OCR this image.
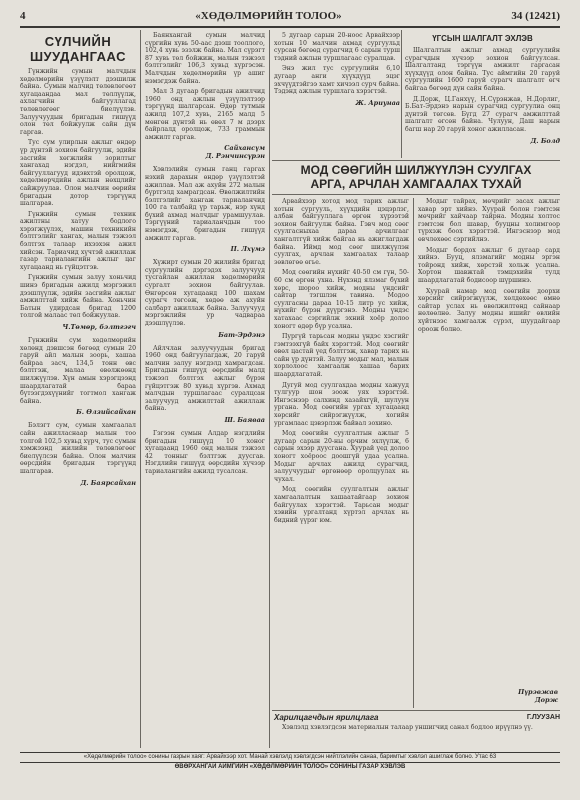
4	«ХӨДӨЛМӨРИЙН ТОЛОО»	34 (12421)
СҮЛЧИЙН ШУУДАНГААС

Гүнжийн сумын малчдын хөдөлмөрийн үзүүлэлт дээшилж байна. Сумын малчид төлөвлөгөөт хугацаандаа мал төллүүлж, ахлагчийн байгууллагад төлөвлөгөөг биелүүлэв. Залуучуудын бригадын гишүүд олон төл бойжуулж сайн дүн гаргав.

Тус сум улирлын ажлыг өндөр үр дүнтэй зохион байгуулж, эдийн засгийн хөгжлийн зорилтыг хангахад нэгдэл, нийгмийн байгууллагууд идэвхтэй оролцож, хөдөлмөрчдийн ажлын нөхцлийг сайжруулав. Олон малчин өөрийн бригадын дотор тэргүүнд шалгарав.

Гүнжийн сумын техник ажилтны хатуу бодлого хэрэгжүүлэх, машин техникийн бэлтгэлийг хангах, малын тэжээл бэлтгэх талаар ихээхэн ажил хийсэн. Тариачид хүчтэй ажиллаж газар тариалангийн ажлыг цаг хугацаанд нь гүйцэтгэв.

Гүнжийн сумын залуу хоньчид шинэ бригадын ажилд мэргэжил дээшлүүлж, эдийн засгийн ажлыг амжилттай хийж байна. Хоньчин Батын удирдсан бригад 1200 толгой малаас төл бойжуулав.

Ч.Төмөр, бэлтгэгч

Гүнжийн сум хөдөлмөрийн хөлөнд дэвшсэн бөгөөд сумын 20 гаруй айл малын зоорь, хашаа байраа засч, 134,5 тонн өвс бэлтгэж, малаа өвөлжөөнд шилжүүлэв. Хүн амын хэрэгцээнд шаардлагатай бараа бүтээгдэхүүнийг тогтмол хангаж байна.

Б. Өлзийсайхан

Бэлэгт сум, сумын хамгаалал сайн ажилласнаар малын тоо толгой 102,5 хувьд хүрч, тус сумын хэмжээнд жилийн төлөвлөгөөг биелүүлсэн байна. Олон малчин өөрсдийн бригадын тэргүүнд шалгарав.

Д. Баярсайхан

Баянхангай сумын малчид сүргийн хувь 50-аас дээш тооллого, 102,4 хувь эзэлж байна. Мал сүрэгт 87 хувь төл бойжиж, малын тэжээл бэлтгэлийг 106,3 хувьд хүргэсэн. Малчдын хөдөлмөрийн үр ашиг нэмэгдэж байна.

Мал 3 дугаар бригадын ажилчид 1960 онд ажлын үзүүлэлтээр тэргүүнд шалгарсан. Өдөр тутмын ажилд 107,2 хувь, 2165 малд 5 мөнгөн дүнтэй нь өвөл 7 м дээрх байрлалд оролцож, 733 граммын амжилт гаргав.

Сайхансүм
Д. Рэнчинсүрэн

Хэвлэлийн сумын ганц гаргах нэхий дарахын өндөр үзүүлэлтэй ажиллав. Мал аж ахуйн 272 малын бүртгэлд хамрагдсан. Өвөлжилтийн бэлтгэлийг хангаж тариаланчид 100 га талбайд үр тарьж, нэр хүнд бүхий ахмад малчдыг урамшуулав. Тэргүүний тариаланчдын тоо нэмэгдэж, бригадын гишүүд амжилт гаргав.

П. Лхүмэ

Хүжирт сумын 20 жилийн бригад сургуулийн дэргэдэх залуучууд тусгайлан ажиллан хөдөлмөрийн сургалт зохион байгуулав. Өнгөрсөн хугацаанд 100 шахам сурагч төгсөж, хөдөө аж ахуйн салбарт ажиллаж байна. Залуучууд мэргэжлийн ур чадвараа дээшлүүлэв.

Бат-Эрдэнэ

Айлчлан залуучуудын бригад 1960 онд байгуулагдаж, 20 гаруй малчин залуу нэгдэлд хамрагдсан. Бригадын гишүүд өөрсдийн малд тэжээл бэлтгэх ажлыг бүрэн гүйцэтгэж 80 хувьд хүргэв. Ахмад малчдын туршлагаас суралцсан залуучууд амжилттай ажиллаж байна.

Ш. Баяваа

Гэгээн сумын Алдар нэгдлийн бригадын гишүүд 10 хоног хугацаанд 1960 онд малын тэжээл 42 тонныг бэлтгэж дуусгав. Нэгдлийн гишүүд өөрсдийн хүчээр тариалангийн ажилд тусалсан.

5 дугаар сарын 20-ноос Арвайхээр хотын 10 малчин ахмад сургуульд сурсан бөгөөд сурагчид 6 сарын турш тэдний ажлын туршлагаас суралцав.

Энэ жил тус сургуулийн 6,10 дугаар анги хүүхдүүд эцэг эхчүүдтэйгээ хамт хичээл сурч байна. Тэдэнд ажлын туршлага хэрэгтэй.

Ж. Ариунаа
ҮГСЫН ШАЛГАЛТ ЭХЛЭВ

Шалгалтын ажлыг ахмад сургуулийн сурагчдын хүчээр зохион байгуулсан. Шалгалтанд тэргүүн амжилт гаргасан хүүхдүүд олон байна. Тус аймгийн 20 гаруй сургуулийн 1600 гаруй сурагч шалгалт өгч байгаа бөгөөд дүн сайн байна.

Д.Дорж, Ц.Ганхүү, Н.Сүрэнжав, Н.Дорлиг, Б.Бат-Эрдэнэ нарын сурагчид сургуулиа онц дүнтэй төгсөв. Бүгд 27 сурагч амжилттай шалгалт өгсөн байна. Чулуун, Даш нарын багш нар 20 гаруй хоног ажилласан.

Д. Болд
МОД СӨӨГИЙН ШИЛЖҮҮЛЭН СУУЛГАХ
АРГА, АРЧЛАН ХАМГААЛАХ ТУХАЙ

Арвайхээр хотод мод тарих ажлыг хотын сургууль, хүүхдийн цэцэрлэг, албан байгууллага өргөн хүрээтэй зохион байгуулж байна. Гэвч мод сөөг суулгасныхаа дараа арчилгааг хангалтгүй хийж байгаа нь ажиглагдаж байна. Иймд мод сөөг шилжүүлэн суулгах, арчлан хамгаалах талаар зөвлөгөө өгье.

Мод сөөгийн нүхийг 40-50 см гүн, 50-60 см өргөн ухна. Нүхэнд ялзмаг бүхий хөрс, шороо хийж, модны үндсийг сайтар тэгшлэн тавина. Модоо суулгасны дараа 10-15 литр ус хийж, нүхийг бүрэн дүүргэнэ. Модны үндэс хатахаас сэргийлж эхний хоёр долоо хоногт өдөр бүр усална.

Пургүй тарьсан модны үндэс хэсгийг гэмтээхгүй байх хэрэгтэй. Мод сөөгийг өвөл цастай үед бэлтгэж, хавар тарих нь сайн үр дүнтэй. Залуу модыг мал, малын хорлолоос хамгаалж хашаа барих шаардлагатай.

Дугуй мод суулгахдаа модны хажууд тулгуур шон зоож уях хэрэгтэй. Ингэснээр салхинд хазайхгүй, шулуун ургана. Мод сөөгийн ургах хугацаанд хөрсийг сийрэгжүүлж, хогийн ургамлаас цэвэрлэж байвал зохино.

Мод сөөгийн суулгалтын ажлыг 5 дугаар сарын 20-ны орчим эхлүүлж, 6 сарын эхээр дуусгана. Хуурай үед долоо хоногт хоёроос доошгүй удаа усална. Модыг арчлах ажилд сурагчид, залуучуудыг өргөнөөр оролцуулах нь чухал.

Мод сөөгийн суулгалтын ажлыг хамгаалалтын хашаатайгаар зохион байгуулах хэрэгтэй. Тарьсан модыг хэвийн ургалтанд хүртэл арчлах нь бидний үүрэг юм.

Модыг тайрах, мөчрийг засах ажлыг хавар эрт хийнэ. Хуурай болон гэмтсэн мөчрийг хайчаар тайрна. Модны холтос гэмтсэн бол шавар, бууцны холимгоор түрхэж боох хэрэгтэй. Ингэснээр мод өвчлөхөөс сэргийлнэ.

Модыг бордох ажлыг 6 дугаар сард хийнэ. Бууц, ялзмагийг модны эргэн тойронд хийж, хөрстэй хольж усална. Хортон шавжтай тэмцэхийн тулд шаардлагатай бодисоор шүршинэ.

Хуурай намар мод сөөгийн доорхи хөрсийг сийрэгжүүлж, хөлдөхөөс өмнө сайтар услах нь өвөлжилтөнд сайнаар нөлөөлнө. Залуу модны ишийг өвлийн хүйтнээс хамгаалж сүрэл, шуудайгаар ороож болно.

Пүрэвжав
Дорж
Харилцагчдын ярилцлага	Г.ЛУУЗАН

Хэвлэлд хэвлэгдсэн материалын талаар уншигчид санал бодлоо ирүүлнэ үү.

«Хөдөлмөрийн толоо» сонины газрын хаяг: Арвайхээр хот. Манай хэвлэлд хэвлэгдсэн нийтлэлийн санаа, баримтыг хэвлэл ашиглаж болно. Утас 63
ӨВӨРХАНГАЙ АЙМГИЙН «ХӨДӨЛМӨРИЙН ТОЛОО» СОНИНЫ ГАЗАР ХЭВЛЭВ
